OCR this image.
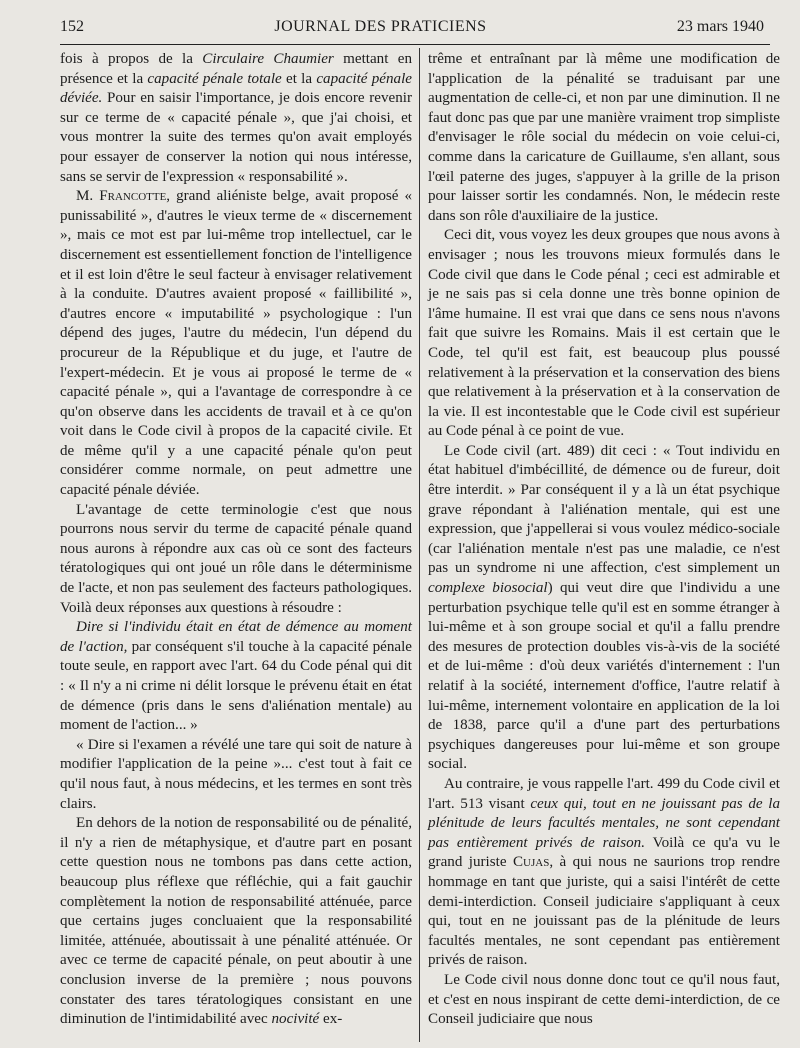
152	JOURNAL DES PRATICIENS	23 mars 1940

fois à propos de la Circulaire Chaumier mettant en présence et la capacité pénale totale et la capacité pénale déviée. Pour en saisir l'importance, je dois encore revenir sur ce terme de « capacité pénale », que j'ai choisi, et vous montrer la suite des termes qu'on avait employés pour essayer de conserver la notion qui nous intéresse, sans se servir de l'expression « responsabilité ».

M. Francotte, grand aliéniste belge, avait proposé « punissabilité », d'autres le vieux terme de « discernement », mais ce mot est par lui-même trop intellectuel, car le discernement est essentiellement fonction de l'intelligence et il est loin d'être le seul facteur à envisager relativement à la conduite. D'autres avaient proposé « faillibilité », d'autres encore « imputabilité » psychologique : l'un dépend des juges, l'autre du médecin, l'un dépend du procureur de la République et du juge, et l'autre de l'expert-médecin. Et je vous ai proposé le terme de « capacité pénale », qui a l'avantage de correspondre à ce qu'on observe dans les accidents de travail et à ce qu'on voit dans le Code civil à propos de la capacité civile. Et de même qu'il y a une capacité pénale qu'on peut considérer comme normale, on peut admettre une capacité pénale déviée.

L'avantage de cette terminologie c'est que nous pourrons nous servir du terme de capacité pénale quand nous aurons à répondre aux cas où ce sont des facteurs tératologiques qui ont joué un rôle dans le déterminisme de l'acte, et non pas seulement des facteurs pathologiques. Voilà deux réponses aux questions à résoudre :

Dire si l'individu était en état de démence au moment de l'action, par conséquent s'il touche à la capacité pénale toute seule, en rapport avec l'art. 64 du Code pénal qui dit : « Il n'y a ni crime ni délit lorsque le prévenu était en état de démence (pris dans le sens d'aliénation mentale) au moment de l'action... »

« Dire si l'examen a révélé une tare qui soit de nature à modifier l'application de la peine »... c'est tout à fait ce qu'il nous faut, à nous médecins, et les termes en sont très clairs.

En dehors de la notion de responsabilité ou de pénalité, il n'y a rien de métaphysique, et d'autre part en posant cette question nous ne tombons pas dans cette action, beaucoup plus réflexe que réfléchie, qui a fait gauchir complètement la notion de responsabilité atténuée, parce que certains juges concluaient que la responsabilité limitée, atténuée, aboutissait à une pénalité atténuée. Or avec ce terme de capacité pénale, on peut aboutir à une conclusion inverse de la première ; nous pouvons constater des tares tératologiques consistant en une diminution de l'intimidabilité avec nocivité ex-

trême et entraînant par là même une modification de l'application de la pénalité se traduisant par une augmentation de celle-ci, et non par une diminution. Il ne faut donc pas que par une manière vraiment trop simpliste d'envisager le rôle social du médecin on voie celui-ci, comme dans la caricature de Guillaume, s'en allant, sous l'œil paterne des juges, s'appuyer à la grille de la prison pour laisser sortir les condamnés. Non, le médecin reste dans son rôle d'auxiliaire de la justice.

Ceci dit, vous voyez les deux groupes que nous avons à envisager ; nous les trouvons mieux formulés dans le Code civil que dans le Code pénal ; ceci est admirable et je ne sais pas si cela donne une très bonne opinion de l'âme humaine. Il est vrai que dans ce sens nous n'avons fait que suivre les Romains. Mais il est certain que le Code, tel qu'il est fait, est beaucoup plus poussé relativement à la préservation et la conservation des biens que relativement à la préservation et à la conservation de la vie. Il est incontestable que le Code civil est supérieur au Code pénal à ce point de vue.

Le Code civil (art. 489) dit ceci : « Tout individu en état habituel d'imbécillité, de démence ou de fureur, doit être interdit. » Par conséquent il y a là un état psychique grave répondant à l'aliénation mentale, qui est une expression, que j'appellerai si vous voulez médico-sociale (car l'aliénation mentale n'est pas une maladie, ce n'est pas un syndrome ni une affection, c'est simplement un complexe biosocial) qui veut dire que l'individu a une perturbation psychique telle qu'il est en somme étranger à lui-même et à son groupe social et qu'il a fallu prendre des mesures de protection doubles vis-à-vis de la société et de lui-même : d'où deux variétés d'internement : l'un relatif à la société, internement d'office, l'autre relatif à lui-même, internement volontaire en application de la loi de 1838, parce qu'il a d'une part des perturbations psychiques dangereuses pour lui-même et son groupe social.

Au contraire, je vous rappelle l'art. 499 du Code civil et l'art. 513 visant ceux qui, tout en ne jouissant pas de la plénitude de leurs facultés mentales, ne sont cependant pas entièrement privés de raison. Voilà ce qu'a vu le grand juriste Cujas, à qui nous ne saurions trop rendre hommage en tant que juriste, qui a saisi l'intérêt de cette demi-interdiction. Conseil judiciaire s'appliquant à ceux qui, tout en ne jouissant pas de la plénitude de leurs facultés mentales, ne sont cependant pas entièrement privés de raison.

Le Code civil nous donne donc tout ce qu'il nous faut, et c'est en nous inspirant de cette demi-interdiction, de ce Conseil judiciaire que nous
